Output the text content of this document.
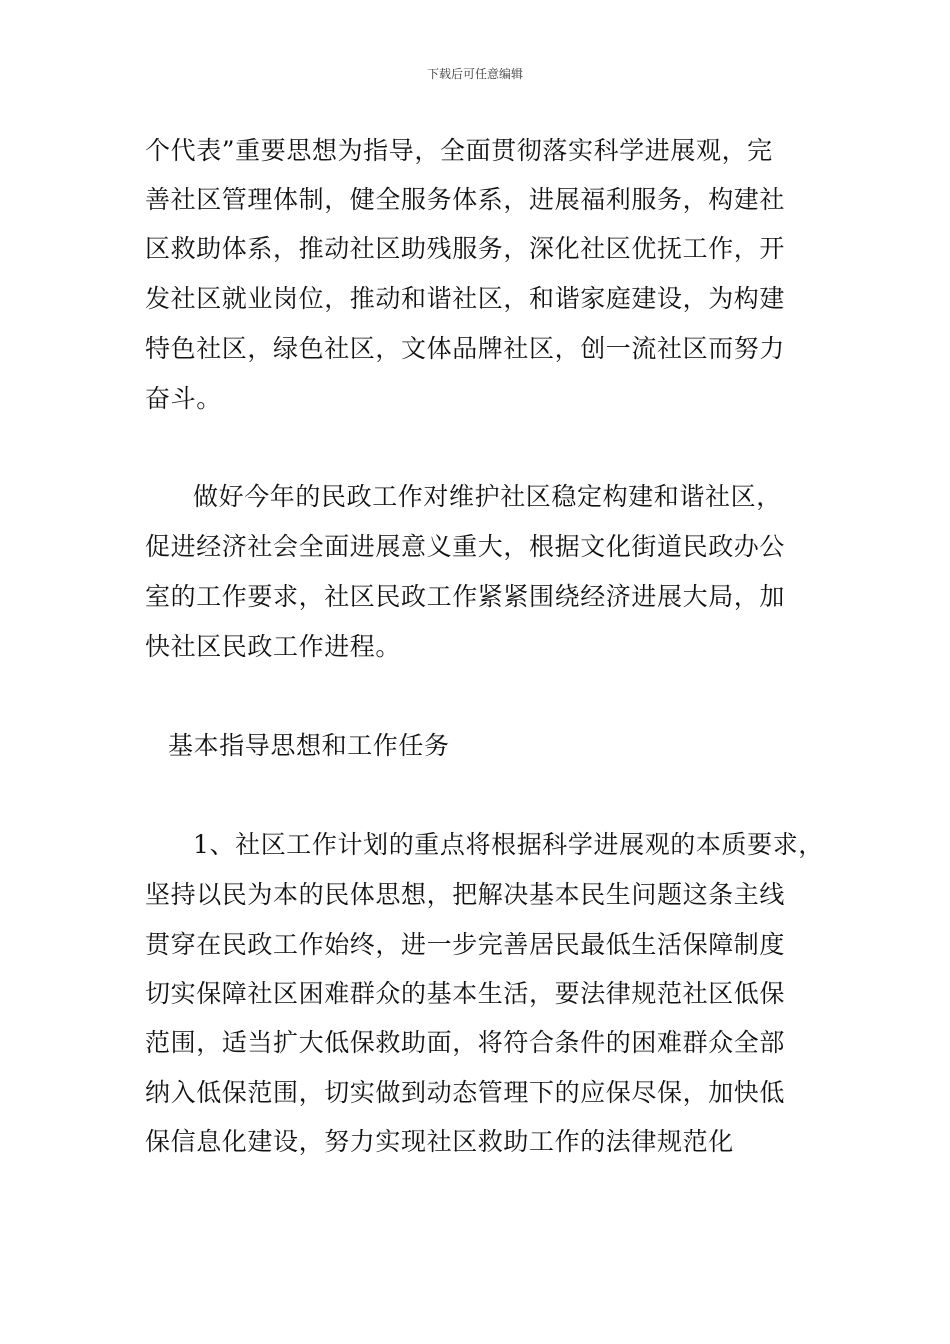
下载后可任意编辑
个代表”重要思想为指导，全面贯彻落实科学进展观，完
善社区管理体制，健全服务体系，进展福利服务，构建社
区救助体系，推动社区助残服务，深化社区优抚工作，开
发社区就业岗位，推动和谐社区，和谐家庭建设，为构建
特色社区，绿色社区，文体品牌社区，创一流社区而努力
奋斗。
做好今年的民政工作对维护社区稳定构建和谐社区，
促进经济社会全面进展意义重大，根据文化街道民政办公
室的工作要求，社区民政工作紧紧围绕经济进展大局，加
快社区民政工作进程。
基本指导思想和工作任务
1、社区工作计划的重点将根据科学进展观的本质要求，
坚持以民为本的民体思想，把解决基本民生问题这条主线
贯穿在民政工作始终，进一步完善居民最低生活保障制度
切实保障社区困难群众的基本生活，要法律规范社区低保
范围，适当扩大低保救助面，将符合条件的困难群众全部
纳入低保范围，切实做到动态管理下的应保尽保，加快低
保信息化建设，努力实现社区救助工作的法律规范化
